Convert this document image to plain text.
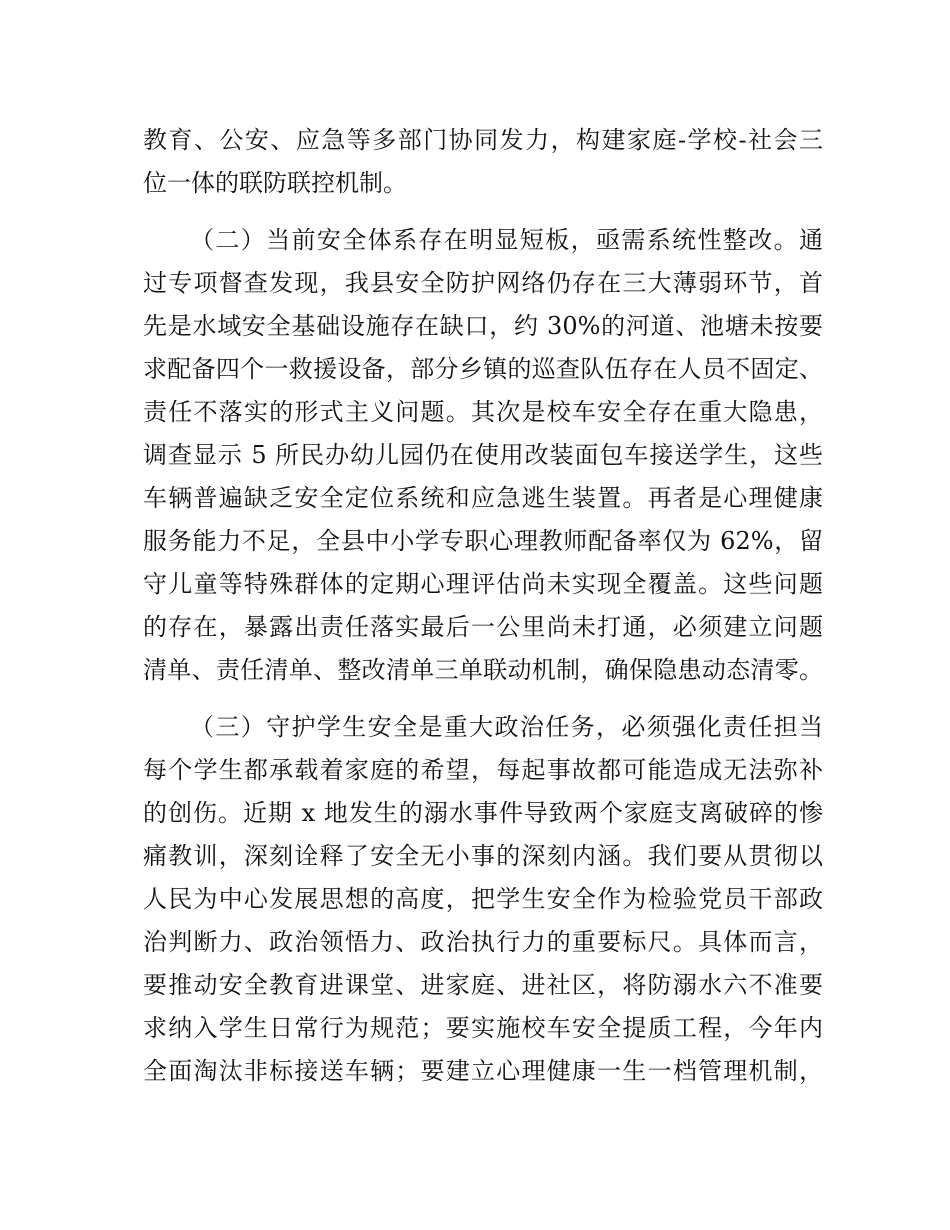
教育、公安、应急等多部门协同发力，构建家庭-学校-社会三
位一体的联防联控机制。
（二）当前安全体系存在明显短板，亟需系统性整改。通
过专项督查发现，我县安全防护网络仍存在三大薄弱环节，首
先是水域安全基础设施存在缺口，约 30%的河道、池塘未按要
求配备四个一救援设备，部分乡镇的巡查队伍存在人员不固定、
责任不落实的形式主义问题。其次是校车安全存在重大隐患，
调查显示 5 所民办幼儿园仍在使用改装面包车接送学生，这些
车辆普遍缺乏安全定位系统和应急逃生装置。再者是心理健康
服务能力不足，全县中小学专职心理教师配备率仅为 62%，留
守儿童等特殊群体的定期心理评估尚未实现全覆盖。这些问题
的存在，暴露出责任落实最后一公里尚未打通，必须建立问题
清单、责任清单、整改清单三单联动机制，确保隐患动态清零。
（三）守护学生安全是重大政治任务，必须强化责任担当
每个学生都承载着家庭的希望，每起事故都可能造成无法弥补
的创伤。近期 x 地发生的溺水事件导致两个家庭支离破碎的惨
痛教训，深刻诠释了安全无小事的深刻内涵。我们要从贯彻以
人民为中心发展思想的高度，把学生安全作为检验党员干部政
治判断力、政治领悟力、政治执行力的重要标尺。具体而言，
要推动安全教育进课堂、进家庭、进社区，将防溺水六不准要
求纳入学生日常行为规范；要实施校车安全提质工程，今年内
全面淘汰非标接送车辆；要建立心理健康一生一档管理机制，
